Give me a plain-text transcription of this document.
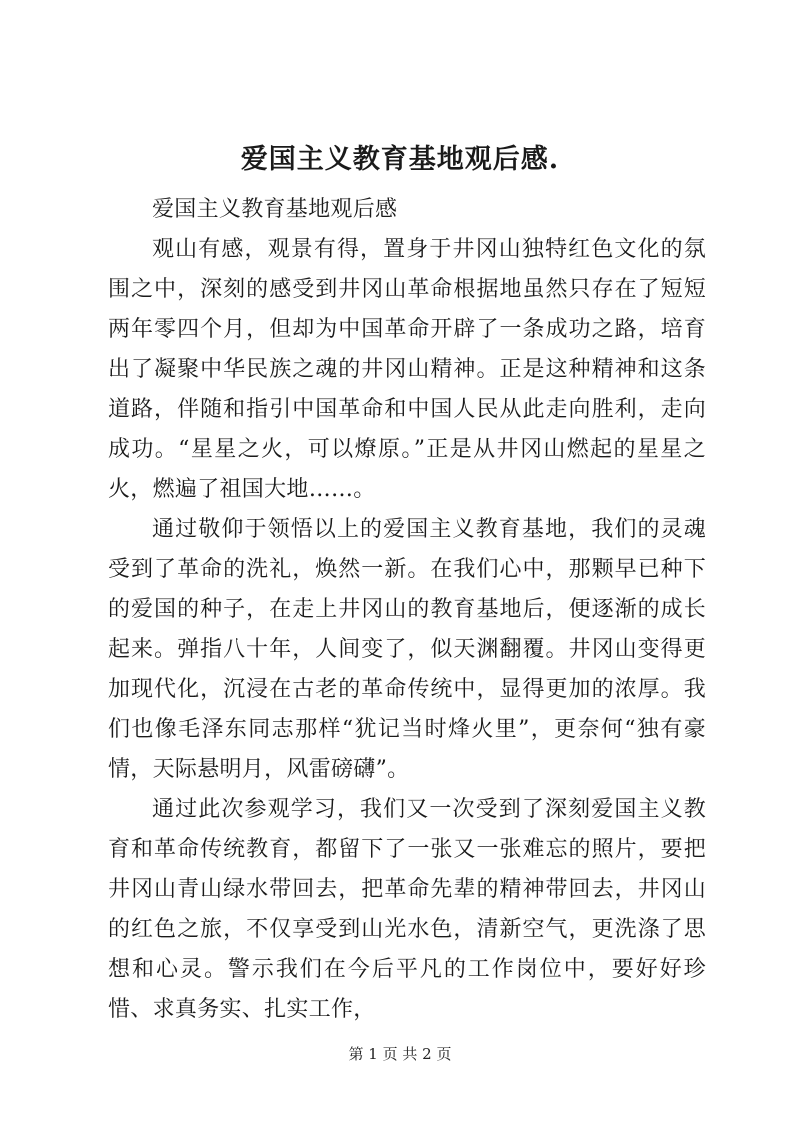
爱国主义教育基地观后感.

爱国主义教育基地观后感

观山有感，观景有得，置身于井冈山独特红色文化的氛围之中，深刻的感受到井冈山革命根据地虽然只存在了短短两年零四个月，但却为中国革命开辟了一条成功之路，培育出了凝聚中华民族之魂的井冈山精神。正是这种精神和这条道路，伴随和指引中国革命和中国人民从此走向胜利，走向成功。“星星之火，可以燎原。”正是从井冈山燃起的星星之火，燃遍了祖国大地……。

通过敬仰于领悟以上的爱国主义教育基地，我们的灵魂受到了革命的洗礼，焕然一新。在我们心中，那颗早已种下的爱国的种子，在走上井冈山的教育基地后，便逐渐的成长起来。弹指八十年，人间变了，似天渊翻覆。井冈山变得更加现代化，沉浸在古老的革命传统中，显得更加的浓厚。我们也像毛泽东同志那样“犹记当时烽火里”，更奈何“独有豪情，天际悬明月，风雷磅礴”。

通过此次参观学习，我们又一次受到了深刻爱国主义教育和革命传统教育，都留下了一张又一张难忘的照片，要把井冈山青山绿水带回去，把革命先辈的精神带回去，井冈山的红色之旅，不仅享受到山光水色，清新空气，更洗涤了思想和心灵。警示我们在今后平凡的工作岗位中，要好好珍惜、求真务实、扎实工作，

第 1 页 共 2 页
